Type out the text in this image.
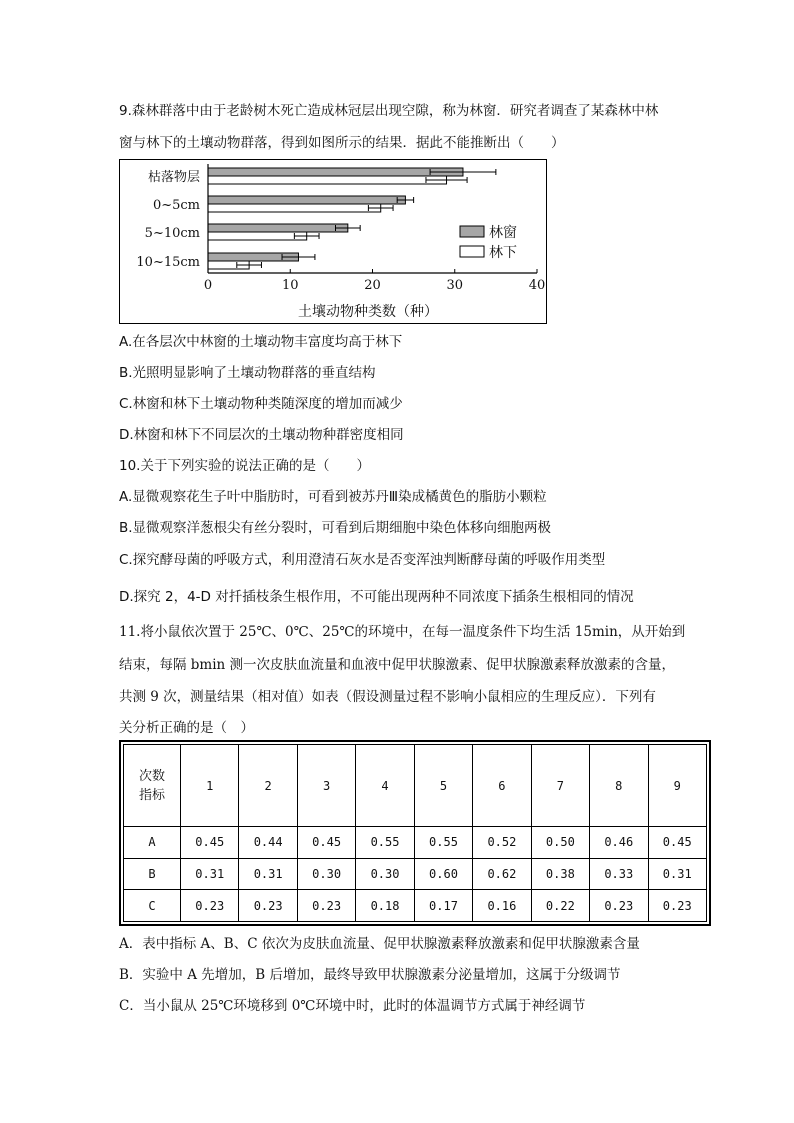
9.森林群落中由于老龄树木死亡造成林冠层出现空隙，称为林窗．研究者调查了某森林中林
窗与林下的土壤动物群落，得到如图所示的结果．据此不能推断出（　　）
枯落物层
0~5cm
5~10cm
10~15cm
0	10	20	30	40
土壤动物种类数（种）
林窗
林下
A.在各层次中林窗的土壤动物丰富度均高于林下
B.光照明显影响了土壤动物群落的垂直结构
C.林窗和林下土壤动物种类随深度的增加而减少
D.林窗和林下不同层次的土壤动物种群密度相同
10.关于下列实验的说法正确的是（　　）
A.显微观察花生子叶中脂肪时，可看到被苏丹Ⅲ染成橘黄色的脂肪小颗粒
B.显微观察洋葱根尖有丝分裂时，可看到后期细胞中染色体移向细胞两极
C.探究酵母菌的呼吸方式，利用澄清石灰水是否变浑浊判断酵母菌的呼吸作用类型
D.探究 2，4-D 对扦插枝条生根作用，不可能出现两种不同浓度下插条生根相同的情况
11.将小鼠依次置于 25℃、0℃、25℃的环境中，在每一温度条件下均生活 15min，从开始到
结束，每隔 bmin 测一次皮肤血流量和血液中促甲状腺激素、促甲状腺激素释放激素的含量，
共测 9 次，测量结果（相对值）如表（假设测量过程不影响小鼠相应的生理反应）．下列有
关分析正确的是（　）
次数
指标	1	2	3	4	5	6	7	8	9
A	0.45	0.44	0.45	0.55	0.55	0.52	0.50	0.46	0.45
B	0.31	0.31	0.30	0.30	0.60	0.62	0.38	0.33	0.31
C	0.23	0.23	0.23	0.18	0.17	0.16	0.22	0.23	0.23
A．表中指标 A、B、C 依次为皮肤血流量、促甲状腺激素释放激素和促甲状腺激素含量
B．实验中 A 先增加，B 后增加，最终导致甲状腺激素分泌量增加，这属于分级调节
C．当小鼠从 25℃环境移到 0℃环境中时，此时的体温调节方式属于神经调节
